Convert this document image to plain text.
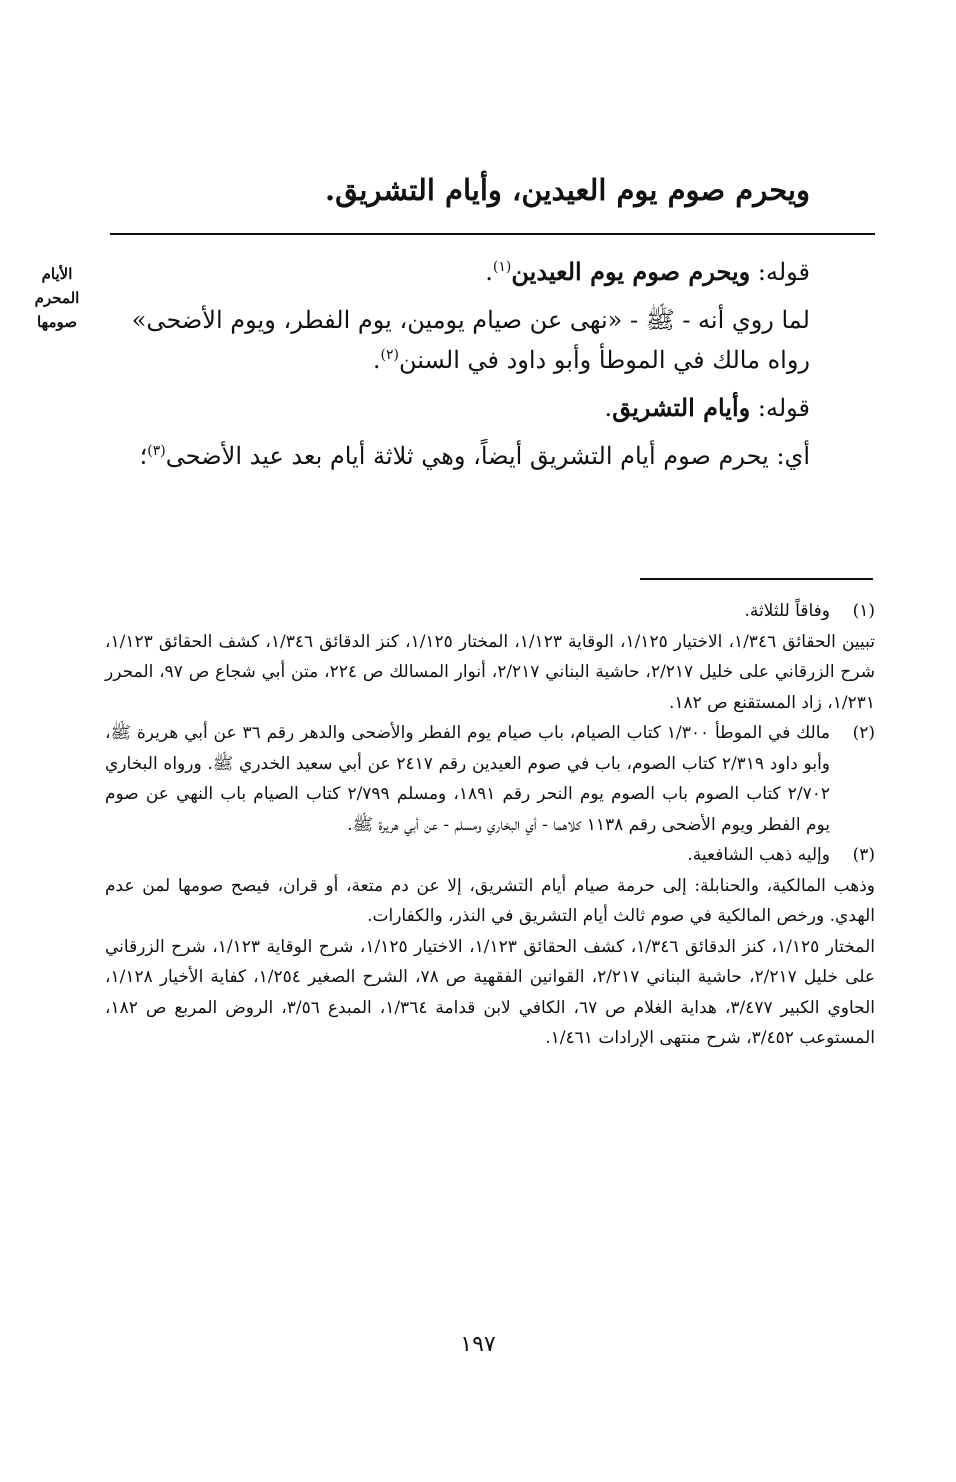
ويحرم صوم يوم العيدين، وأيام التشريق.
الأيام
المحرم
صومها

قوله: ويحرم صوم يوم العيدين$^{(١)}$.

لما روي أنه - ﷺ - «نهى عن صيام يومين، يوم الفطر، ويوم الأضحى» رواه مالك في الموطأ وأبو داود في السنن$^{(٢)}$.

قوله: وأيام التشريق.

أي: يحرم صوم أيام التشريق أيضاً، وهي ثلاثة أيام بعد عيد الأضحى$^{(٣)}$؛

(١)

وفاقاً للثلاثة.

تبيين الحقائق ١/٣٤٦، الاختيار ١/١٢٥، الوقاية ١/١٢٣، المختار ١/١٢٥، كنز الدقائق ١/٣٤٦، كشف الحقائق ١/١٢٣، شرح الزرقاني على خليل ٢/٢١٧، حاشية البناني ٢/٢١٧، أنوار المسالك ص ٢٢٤، متن أبي شجاع ص ٩٧، المحرر ١/٢٣١، زاد المستقنع ص ١٨٢.

(٢)

مالك في الموطأ ١/٣٠٠ كتاب الصيام، باب صيام يوم الفطر والأضحى والدهر رقم ٣٦ عن أبي هريرة ﷺ، وأبو داود ٢/٣١٩ كتاب الصوم، باب في صوم العيدين رقم ٢٤١٧ عن أبي سعيد الخدري ﷺ. ورواه البخاري ٢/٧٠٢ كتاب الصوم باب الصوم يوم النحر رقم ١٨٩١، ومسلم ٢/٧٩٩ كتاب الصيام باب النهي عن صوم يوم الفطر ويوم الأضحى رقم ١١٣٨ كلاهما - أي البخاري ومسلم - عن أبي هريرة ﷺ.

(٣)

وإليه ذهب الشافعية.

وذهب المالكية، والحنابلة: إلى حرمة صيام أيام التشريق، إلا عن دم متعة، أو قران، فيصح صومها لمن عدم الهدي. ورخص المالكية في صوم ثالث أيام التشريق في النذر، والكفارات.

المختار ١/١٢٥، كنز الدقائق ١/٣٤٦، كشف الحقائق ١/١٢٣، الاختيار ١/١٢٥، شرح الوقاية ١/١٢٣، شرح الزرقاني على خليل ٢/٢١٧، حاشية البناني ٢/٢١٧، القوانين الفقهية ص ٧٨، الشرح الصغير ١/٢٥٤، كفاية الأخيار ١/١٢٨، الحاوي الكبير ٣/٤٧٧، هداية الغلام ص ٦٧، الكافي لابن قدامة ١/٣٦٤، المبدع ٣/٥٦، الروض المربع ص ١٨٢، المستوعب ٣/٤٥٢، شرح منتهى الإرادات ١/٤٦١.

١٩٧
